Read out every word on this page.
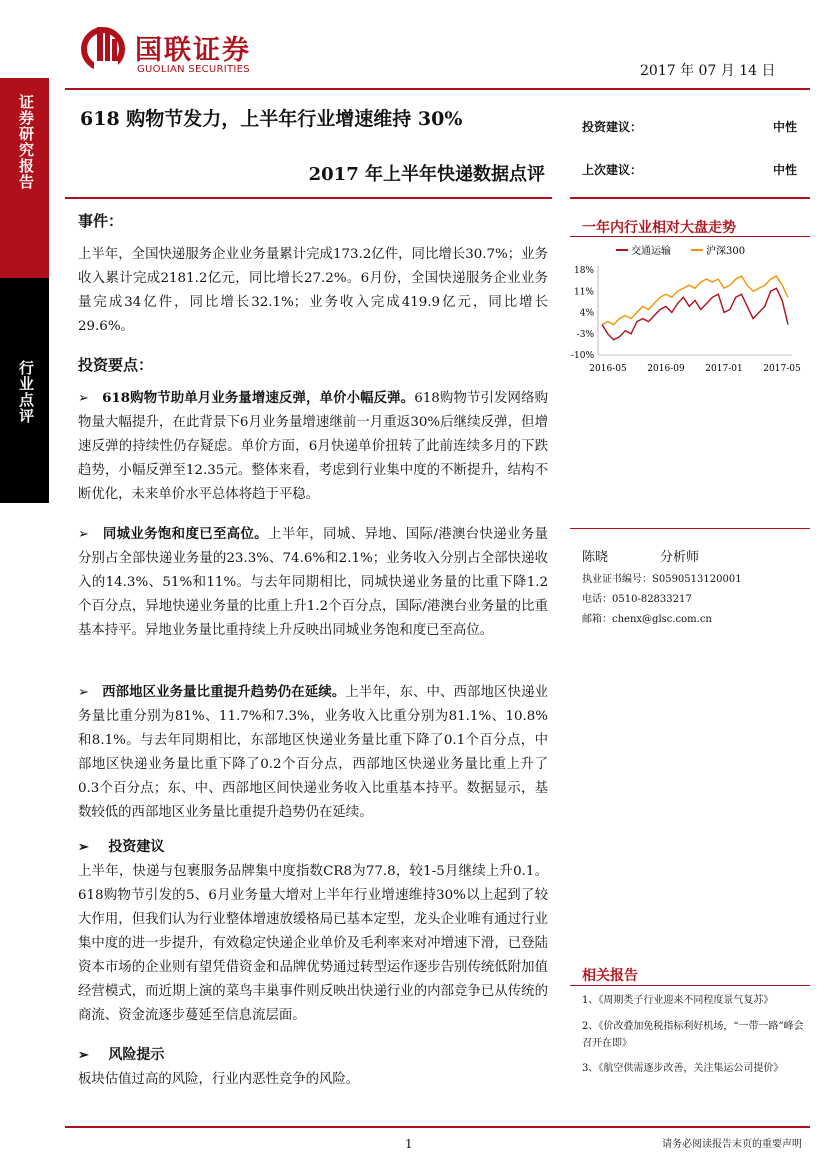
证券研究报告
行业点评
国联证券
GUOLIAN SECURITIES	2017 年 07 月 14 日
618 购物节发力，上半年行业增速维持 30%
2017 年上半年快递数据点评
投资建议：	中性
上次建议：	中性
事件：
上半年，全国快递服务企业业务量累计完成173.2亿件，同比增长30.7%；业务收入累计完成2181.2亿元，同比增长27.2%。6月份，全国快递服务企业业务量完成34亿件，同比增长32.1%；业务收入完成419.9亿元，同比增长29.6%。
投资要点：
➢ 618购物节助单月业务量增速反弹，单价小幅反弹。618购物节引发网络购物量大幅提升，在此背景下6月业务量增速继前一月重返30%后继续反弹，但增速反弹的持续性仍存疑虑。单价方面，6月快递单价扭转了此前连续多月的下跌趋势，小幅反弹至12.35元。整体来看，考虑到行业集中度的不断提升，结构不断优化，未来单价水平总体将趋于平稳。
➢ 同城业务饱和度已至高位。上半年，同城、异地、国际/港澳台快递业务量分别占全部快递业务量的23.3%、74.6%和2.1%；业务收入分别占全部快递收入的14.3%、51%和11%。与去年同期相比，同城快递业务量的比重下降1.2个百分点，异地快递业务量的比重上升1.2个百分点，国际/港澳台业务量的比重基本持平。异地业务量比重持续上升反映出同城业务饱和度已至高位。
➢ 西部地区业务量比重提升趋势仍在延续。上半年，东、中、西部地区快递业务量比重分别为81%、11.7%和7.3%，业务收入比重分别为81.1%、10.8%和8.1%。与去年同期相比，东部地区快递业务量比重下降了0.1个百分点，中部地区快递业务量比重下降了0.2个百分点，西部地区快递业务量比重上升了0.3个百分点；东、中、西部地区间快递业务收入比重基本持平。数据显示，基数较低的西部地区业务量比重提升趋势仍在延续。
➢ 投资建议
上半年，快递与包裹服务品牌集中度指数CR8为77.8，较1-5月继续上升0.1。618购物节引发的5、6月业务量大增对上半年行业增速维持30%以上起到了较大作用，但我们认为行业整体增速放缓格局已基本定型，龙头企业唯有通过行业集中度的进一步提升，有效稳定快递企业单价及毛利率来对冲增速下滑，已登陆资本市场的企业则有望凭借资金和品牌优势通过转型运作逐步告别传统低附加值经营模式，而近期上演的菜鸟丰巢事件则反映出快递行业的内部竞争已从传统的商流、资金流逐步蔓延至信息流层面。
➢ 风险提示
板块估值过高的风险，行业内恶性竞争的风险。
一年内行业相对大盘走势
交通运输	沪深300
18%
11%
4%
-3%
-10%
2016-05 2016-09 2017-01 2017-05
陈晓	分析师
执业证书编号：S0590513120001
电话：0510-82833217
邮箱：chenx@glsc.com.cn
相关报告
1、《周期类子行业迎来不同程度景气复苏》
2、《价改叠加免税指标利好机场，“一带一路”峰会召开在即》
3、《航空供需逐步改善，关注集运公司提价》
1	请务必阅读报告末页的重要声明
